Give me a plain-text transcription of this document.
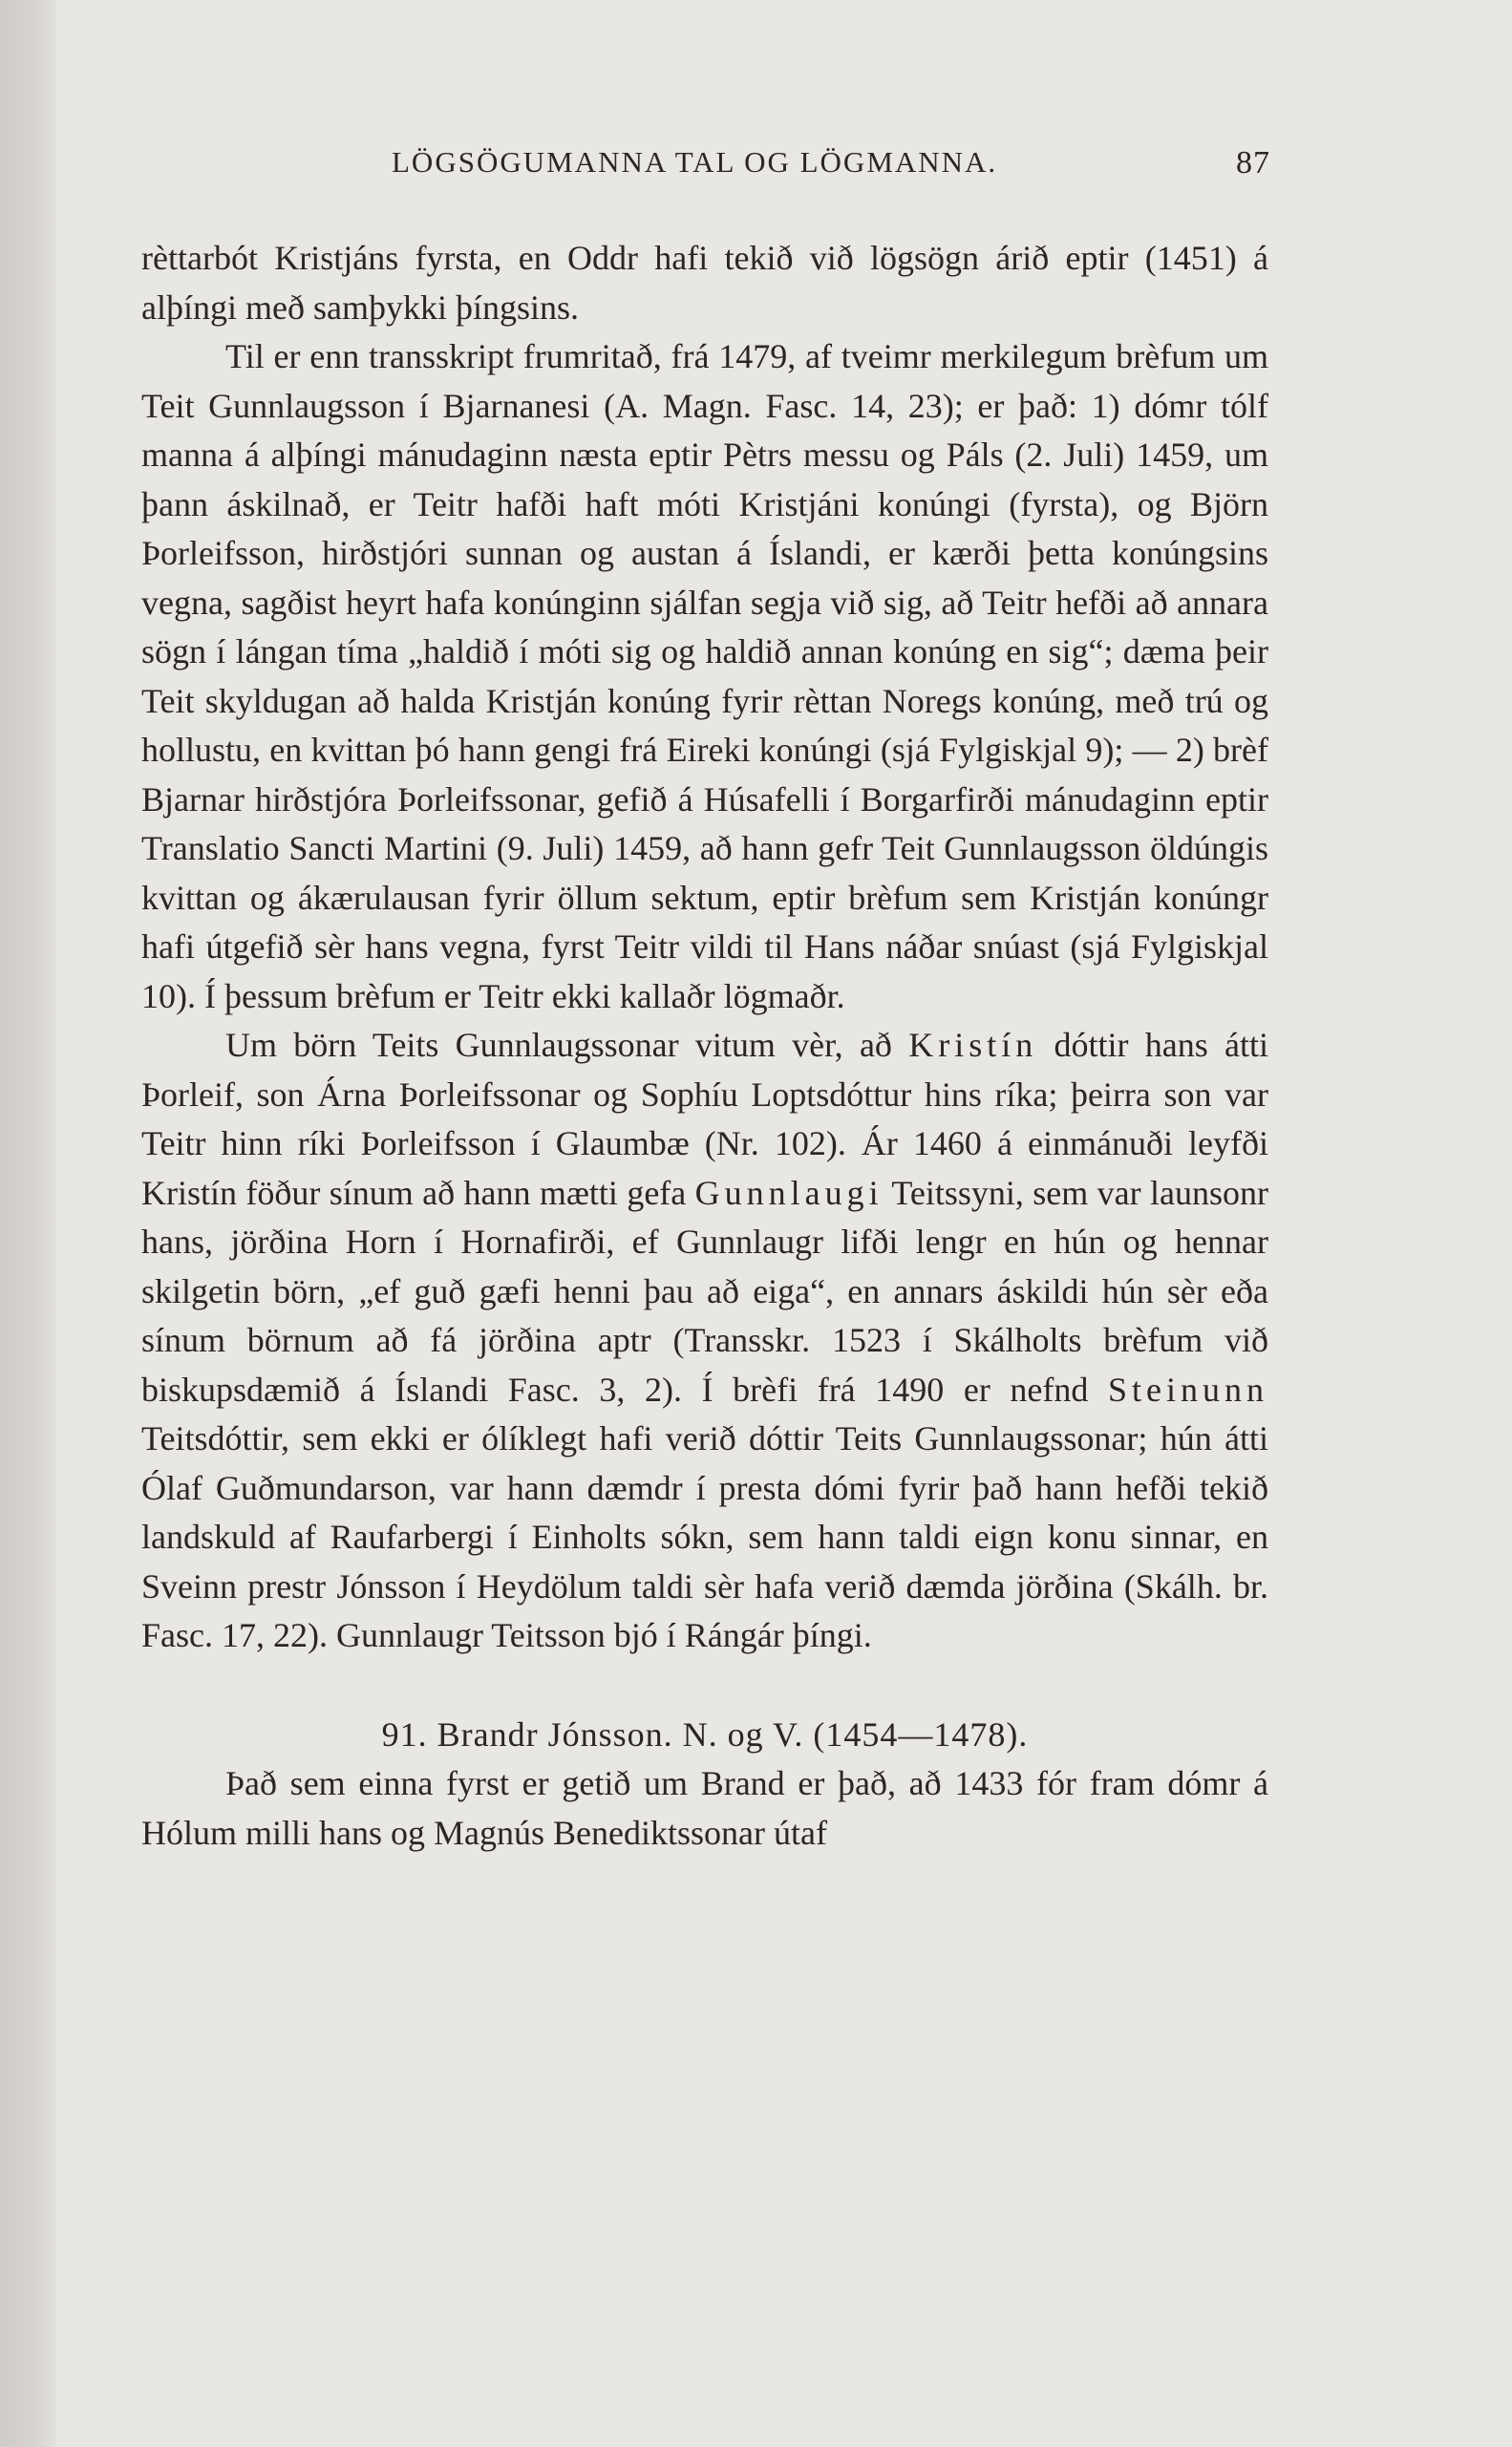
LÖGSÖGUMANNA TAL OG LÖGMANNA.	87

rèttarbót Kristjáns fyrsta, en Oddr hafi tekið við lögsögn árið eptir (1451) á alþíngi með samþykki þíngsins.

Til er enn transskript frumritað, frá 1479, af tveimr merkilegum brèfum um Teit Gunnlaugsson í Bjarnanesi (A. Magn. Fasc. 14, 23); er það: 1) dómr tólf manna á alþíngi mánudaginn næsta eptir Pètrs messu og Páls (2. Juli) 1459, um þann áskilnað, er Teitr hafði haft móti Kristjáni konúngi (fyrsta), og Björn Þorleifsson, hirðstjóri sunnan og austan á Íslandi, er kærði þetta konúngsins vegna, sagðist heyrt hafa konúnginn sjálfan segja við sig, að Teitr hefði að annara sögn í lángan tíma „haldið í móti sig og haldið annan konúng en sig“; dæma þeir Teit skyldugan að halda Kristján konúng fyrir rèttan Noregs konúng, með trú og hollustu, en kvittan þó hann gengi frá Eireki konúngi (sjá Fylgiskjal 9); — 2) brèf Bjarnar hirðstjóra Þorleifssonar, gefið á Húsafelli í Borgarfirði mánudaginn eptir Translatio Sancti Martini (9. Juli) 1459, að hann gefr Teit Gunnlaugsson öldúngis kvittan og ákærulausan fyrir öllum sektum, eptir brèfum sem Kristján konúngr hafi útgefið sèr hans vegna, fyrst Teitr vildi til Hans náðar snúast (sjá Fylgiskjal 10). Í þessum brèfum er Teitr ekki kallaðr lögmaðr.

Um börn Teits Gunnlaugssonar vitum vèr, að Kristín dóttir hans átti Þorleif, son Árna Þorleifssonar og Sophíu Loptsdóttur hins ríka; þeirra son var Teitr hinn ríki Þorleifsson í Glaumbæ (Nr. 102). Ár 1460 á einmánuði leyfði Kristín föður sínum að hann mætti gefa Gunnlaugi Teitssyni, sem var launsonr hans, jörðina Horn í Hornafirði, ef Gunnlaugr lifði lengr en hún og hennar skilgetin börn, „ef guð gæfi henni þau að eiga“, en annars áskildi hún sèr eða sínum börnum að fá jörðina aptr (Transskr. 1523 í Skálholts brèfum við biskupsdæmið á Íslandi Fasc. 3, 2). Í brèfi frá 1490 er nefnd Steinunn Teitsdóttir, sem ekki er ólíklegt hafi verið dóttir Teits Gunnlaugssonar; hún átti Ólaf Guðmundarson, var hann dæmdr í presta dómi fyrir það hann hefði tekið landskuld af Raufarbergi í Einholts sókn, sem hann taldi eign konu sinnar, en Sveinn prestr Jónsson í Heydölum taldi sèr hafa verið dæmda jörðina (Skálh. br. Fasc. 17, 22). Gunnlaugr Teitsson bjó í Rángár þíngi.

91. Brandr Jónsson. N. og V. (1454—1478).

Það sem einna fyrst er getið um Brand er það, að 1433 fór fram dómr á Hólum milli hans og Magnús Benediktssonar útaf
